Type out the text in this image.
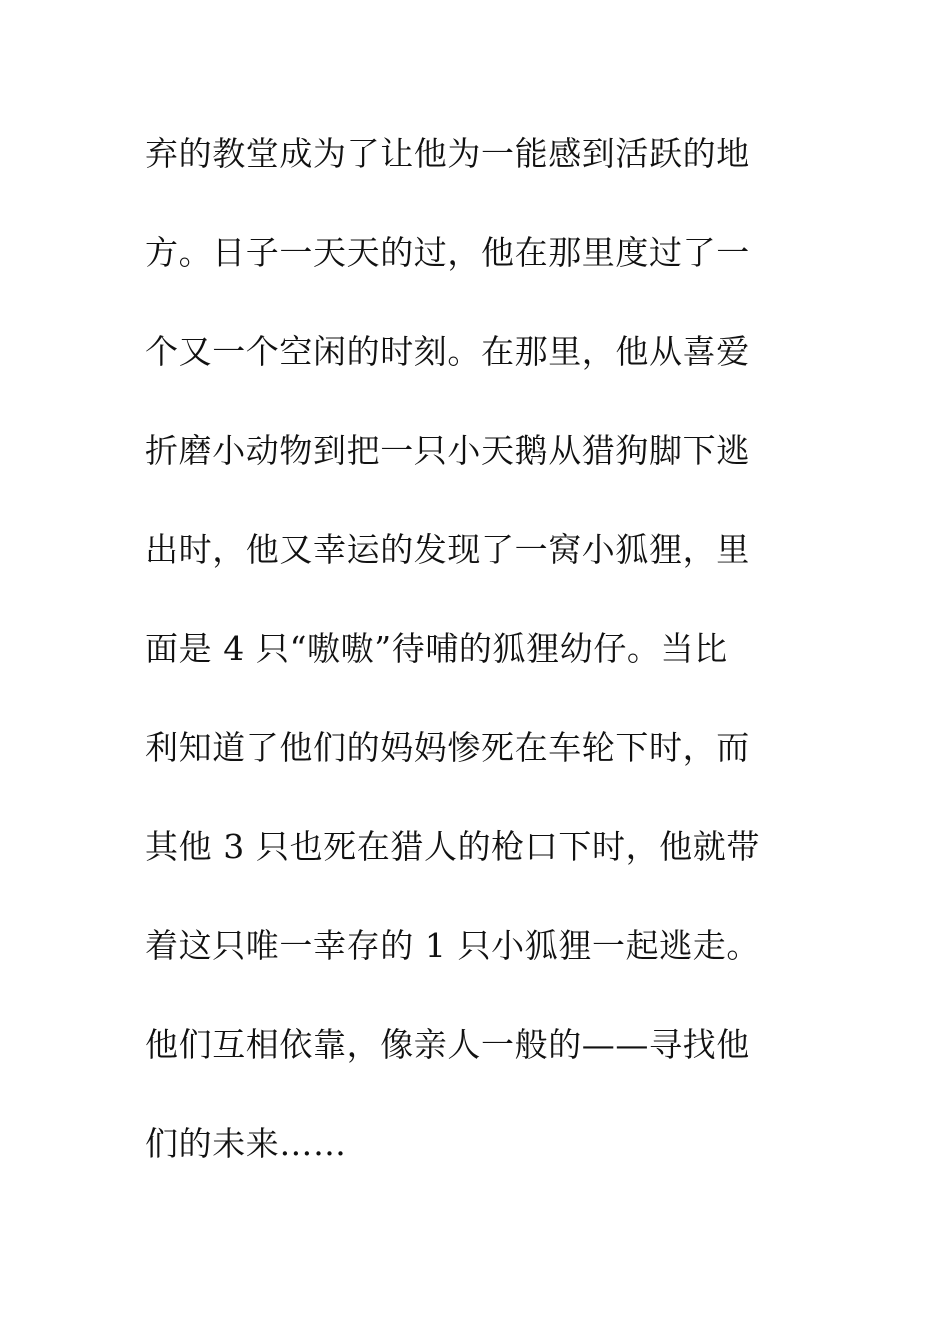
弃的教堂成为了让他为一能感到活跃的地
方。日子一天天的过，他在那里度过了一
个又一个空闲的时刻。在那里，他从喜爱
折磨小动物到把一只小天鹅从猎狗脚下逃
出时，他又幸运的发现了一窝小狐狸，里
面是 4 只“嗷嗷”待哺的狐狸幼仔。当比
利知道了他们的妈妈惨死在车轮下时，而
其他 3 只也死在猎人的枪口下时，他就带
着这只唯一幸存的 1 只小狐狸一起逃走。
他们互相依靠，像亲人一般的——寻找他
们的未来……
